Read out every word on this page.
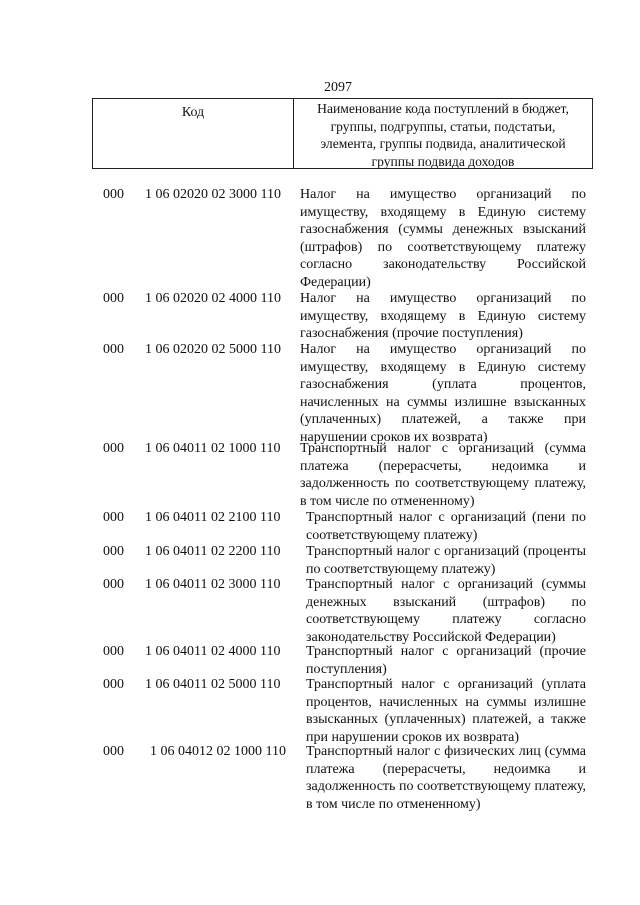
2097
Код	Наименование кода поступлений в бюджет, группы, подгруппы, статьи, подстатьи, элемента, группы подвида, аналитической группы подвида доходов
000 1 06 02020 02 3000 110 Налог на имущество организаций по имуществу, входящему в Единую систему газоснабжения (суммы денежных взысканий (штрафов) по соответствующему платежу согласно законодательству Российской Федерации)
000 1 06 02020 02 4000 110 Налог на имущество организаций по имуществу, входящему в Единую систему газоснабжения (прочие поступления)
000 1 06 02020 02 5000 110 Налог на имущество организаций по имуществу, входящему в Единую систему газоснабжения (уплата процентов, начисленных на суммы излишне взысканных (уплаченных) платежей, а также при нарушении сроков их возврата)
000 1 06 04011 02 1000 110 Транспортный налог с организаций (сумма платежа (перерасчеты, недоимка и задолженность по соответствующему платежу, в том числе по отмененному)
000 1 06 04011 02 2100 110 Транспортный налог с организаций (пени по соответствующему платежу)
000 1 06 04011 02 2200 110 Транспортный налог с организаций (проценты по соответствующему платежу)
000 1 06 04011 02 3000 110 Транспортный налог с организаций (суммы денежных взысканий (штрафов) по соответствующему платежу согласно законодательству Российской Федерации)
000 1 06 04011 02 4000 110 Транспортный налог с организаций (прочие поступления)
000 1 06 04011 02 5000 110 Транспортный налог с организаций (уплата процентов, начисленных на суммы излишне взысканных (уплаченных) платежей, а также при нарушении сроков их возврата)
000 1 06 04012 02 1000 110 Транспортный налог с физических лиц (сумма платежа (перерасчеты, недоимка и задолженность по соответствующему платежу, в том числе по отмененному)
